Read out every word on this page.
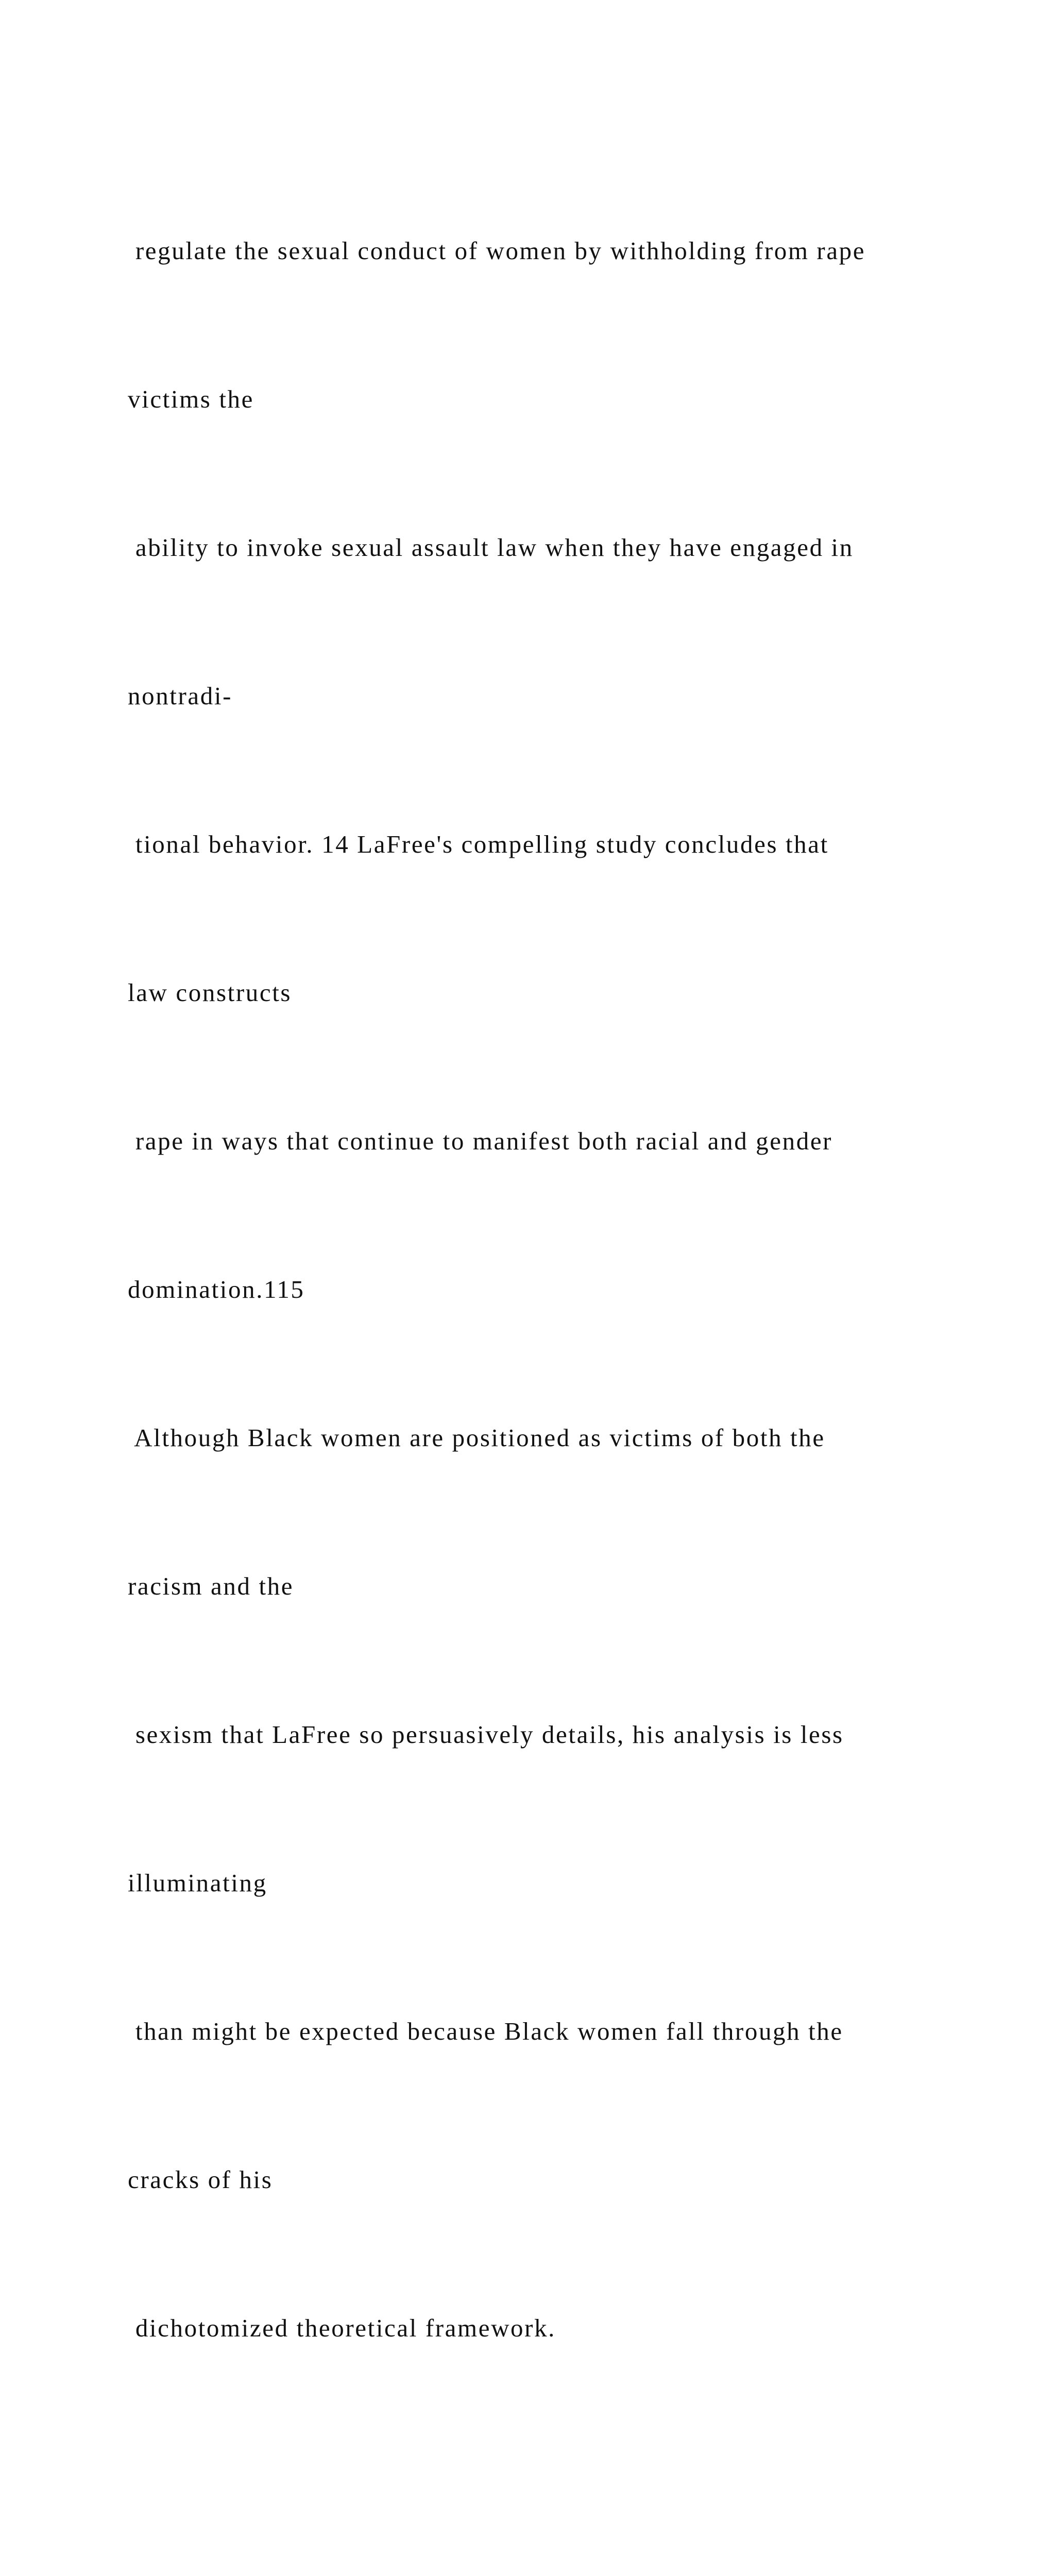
regulate the sexual conduct of women by withholding from rape

victims the

ability to invoke sexual assault law when they have engaged in

nontradi-

tional behavior. 14 LaFree's compelling study concludes that

law constructs

rape in ways that continue to manifest both racial and gender

domination.115

Although Black women are positioned as victims of both the

racism and the

sexism that LaFree so persuasively details, his analysis is less

illuminating

than might be expected because Black women fall through the

cracks of his

dichotomized theoretical framework.
